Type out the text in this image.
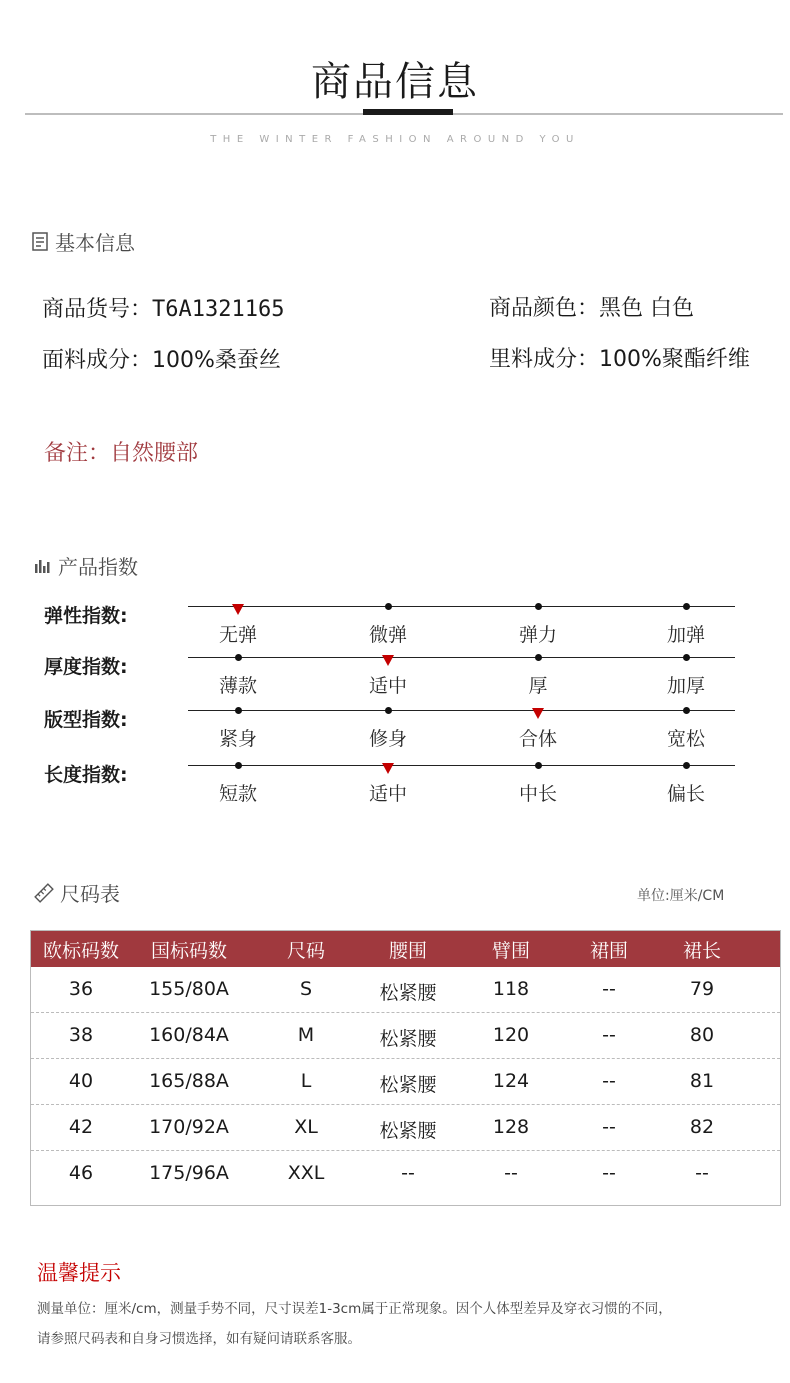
商品信息
THE WINTER FASHION AROUND YOU
基本信息
商品货号：T6A1321165	商品颜色：黑色 白色
面料成分：100%桑蚕丝	里料成分：100%聚酯纤维
备注：自然腰部
产品指数
弹性指数:
无弹	微弹	弹力	加弹
厚度指数:
薄款	适中	厚	加厚
版型指数:
紧身	修身	合体	宽松
长度指数:
短款	适中	中长	偏长
尺码表	单位:厘米/CM
欧标码数	国标码数	尺码	腰围	臂围	裙围	裙长
36	155/80A	S	松紧腰	118	--	79
38	160/84A	M	松紧腰	120	--	80
40	165/88A	L	松紧腰	124	--	81
42	170/92A	XL	松紧腰	128	--	82
46	175/96A	XXL	--	--	--	--
温馨提示
测量单位：厘米/cm，测量手势不同，尺寸误差1-3cm属于正常现象。因个人体型差异及穿衣习惯的不同，
请参照尺码表和自身习惯选择，如有疑问请联系客服。
